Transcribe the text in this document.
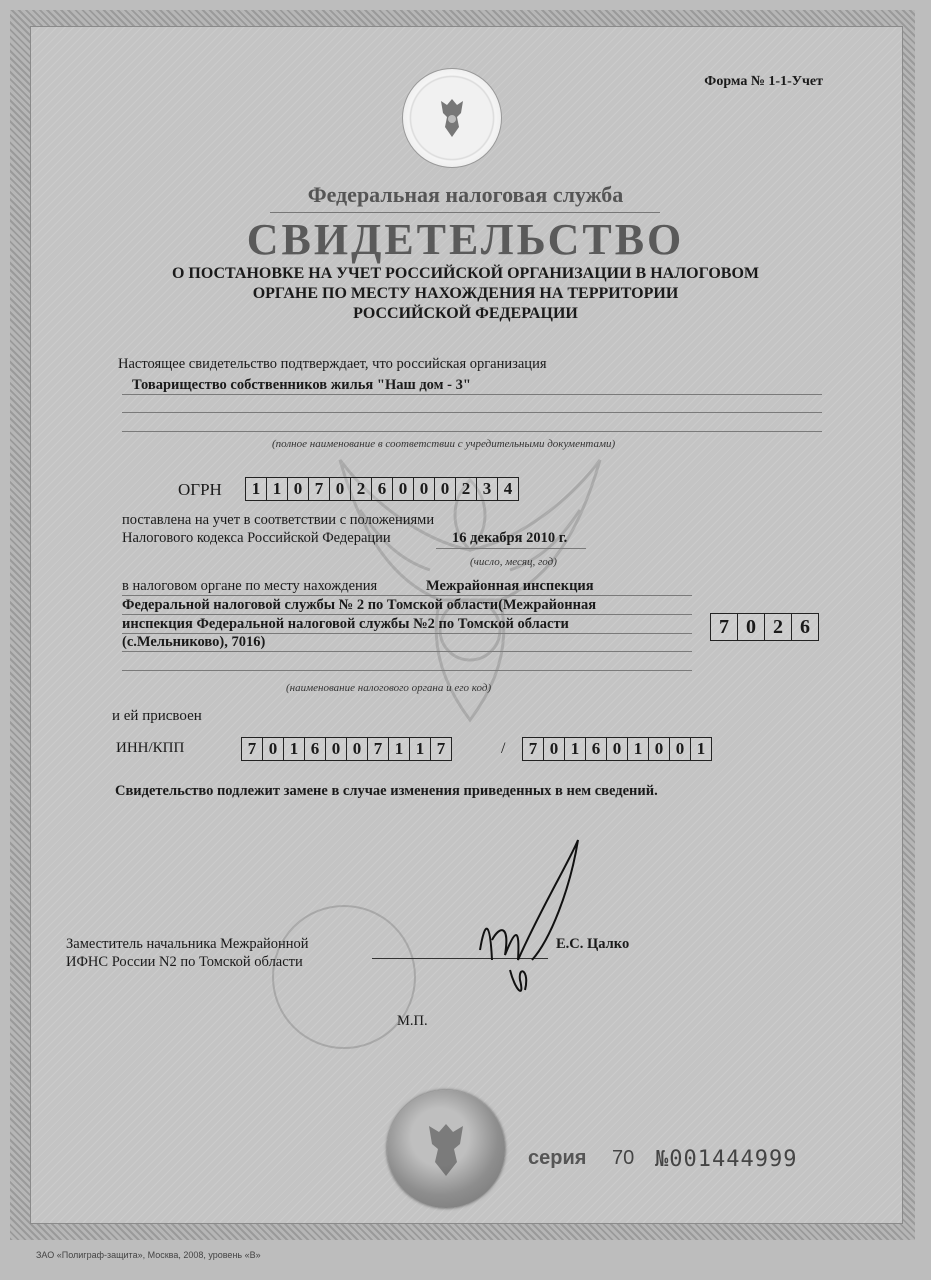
Форма № 1-1-Учет
Федеральная налоговая служба
СВИДЕТЕЛЬСТВО
О ПОСТАНОВКЕ НА УЧЕТ РОССИЙСКОЙ ОРГАНИЗАЦИИ В НАЛОГОВОМ
ОРГАНЕ ПО МЕСТУ НАХОЖДЕНИЯ НА ТЕРРИТОРИИ
РОССИЙСКОЙ ФЕДЕРАЦИИ
Настоящее свидетельство подтверждает, что российская организация
Товарищество собственников жилья "Наш дом - 3"
(полное наименование в соответствии с учредительными документами)
ОГРН	1 1 0 7 0 2 6 0 0 0 2 3 4
поставлена на учет в соответствии с положениями
Налогового кодекса Российской Федерации	16 декабря 2010 г.
(число, месяц, год)
в налоговом органе по месту нахождения	Межрайонная инспекция
Федеральной налоговой службы № 2 по Томской области(Межрайонная
инспекция Федеральной налоговой службы №2 по Томской области
(с.Мельниково), 7016)
7 0 2 6
(наименование налогового органа и его код)
и ей присвоен
ИНН/КПП	7 0 1 6 0 0 7 1 1 7	/	7 0 1 6 0 1 0 0 1
Свидетельство подлежит замене в случае изменения приведенных в нем сведений.
Заместитель начальника Межрайонной
ИФНС России N2 по Томской области
Е.С. Цалко
М.П.
серия 70 №001444999
ЗАО «Полиграф-защита», Москва, 2008, уровень «В»
